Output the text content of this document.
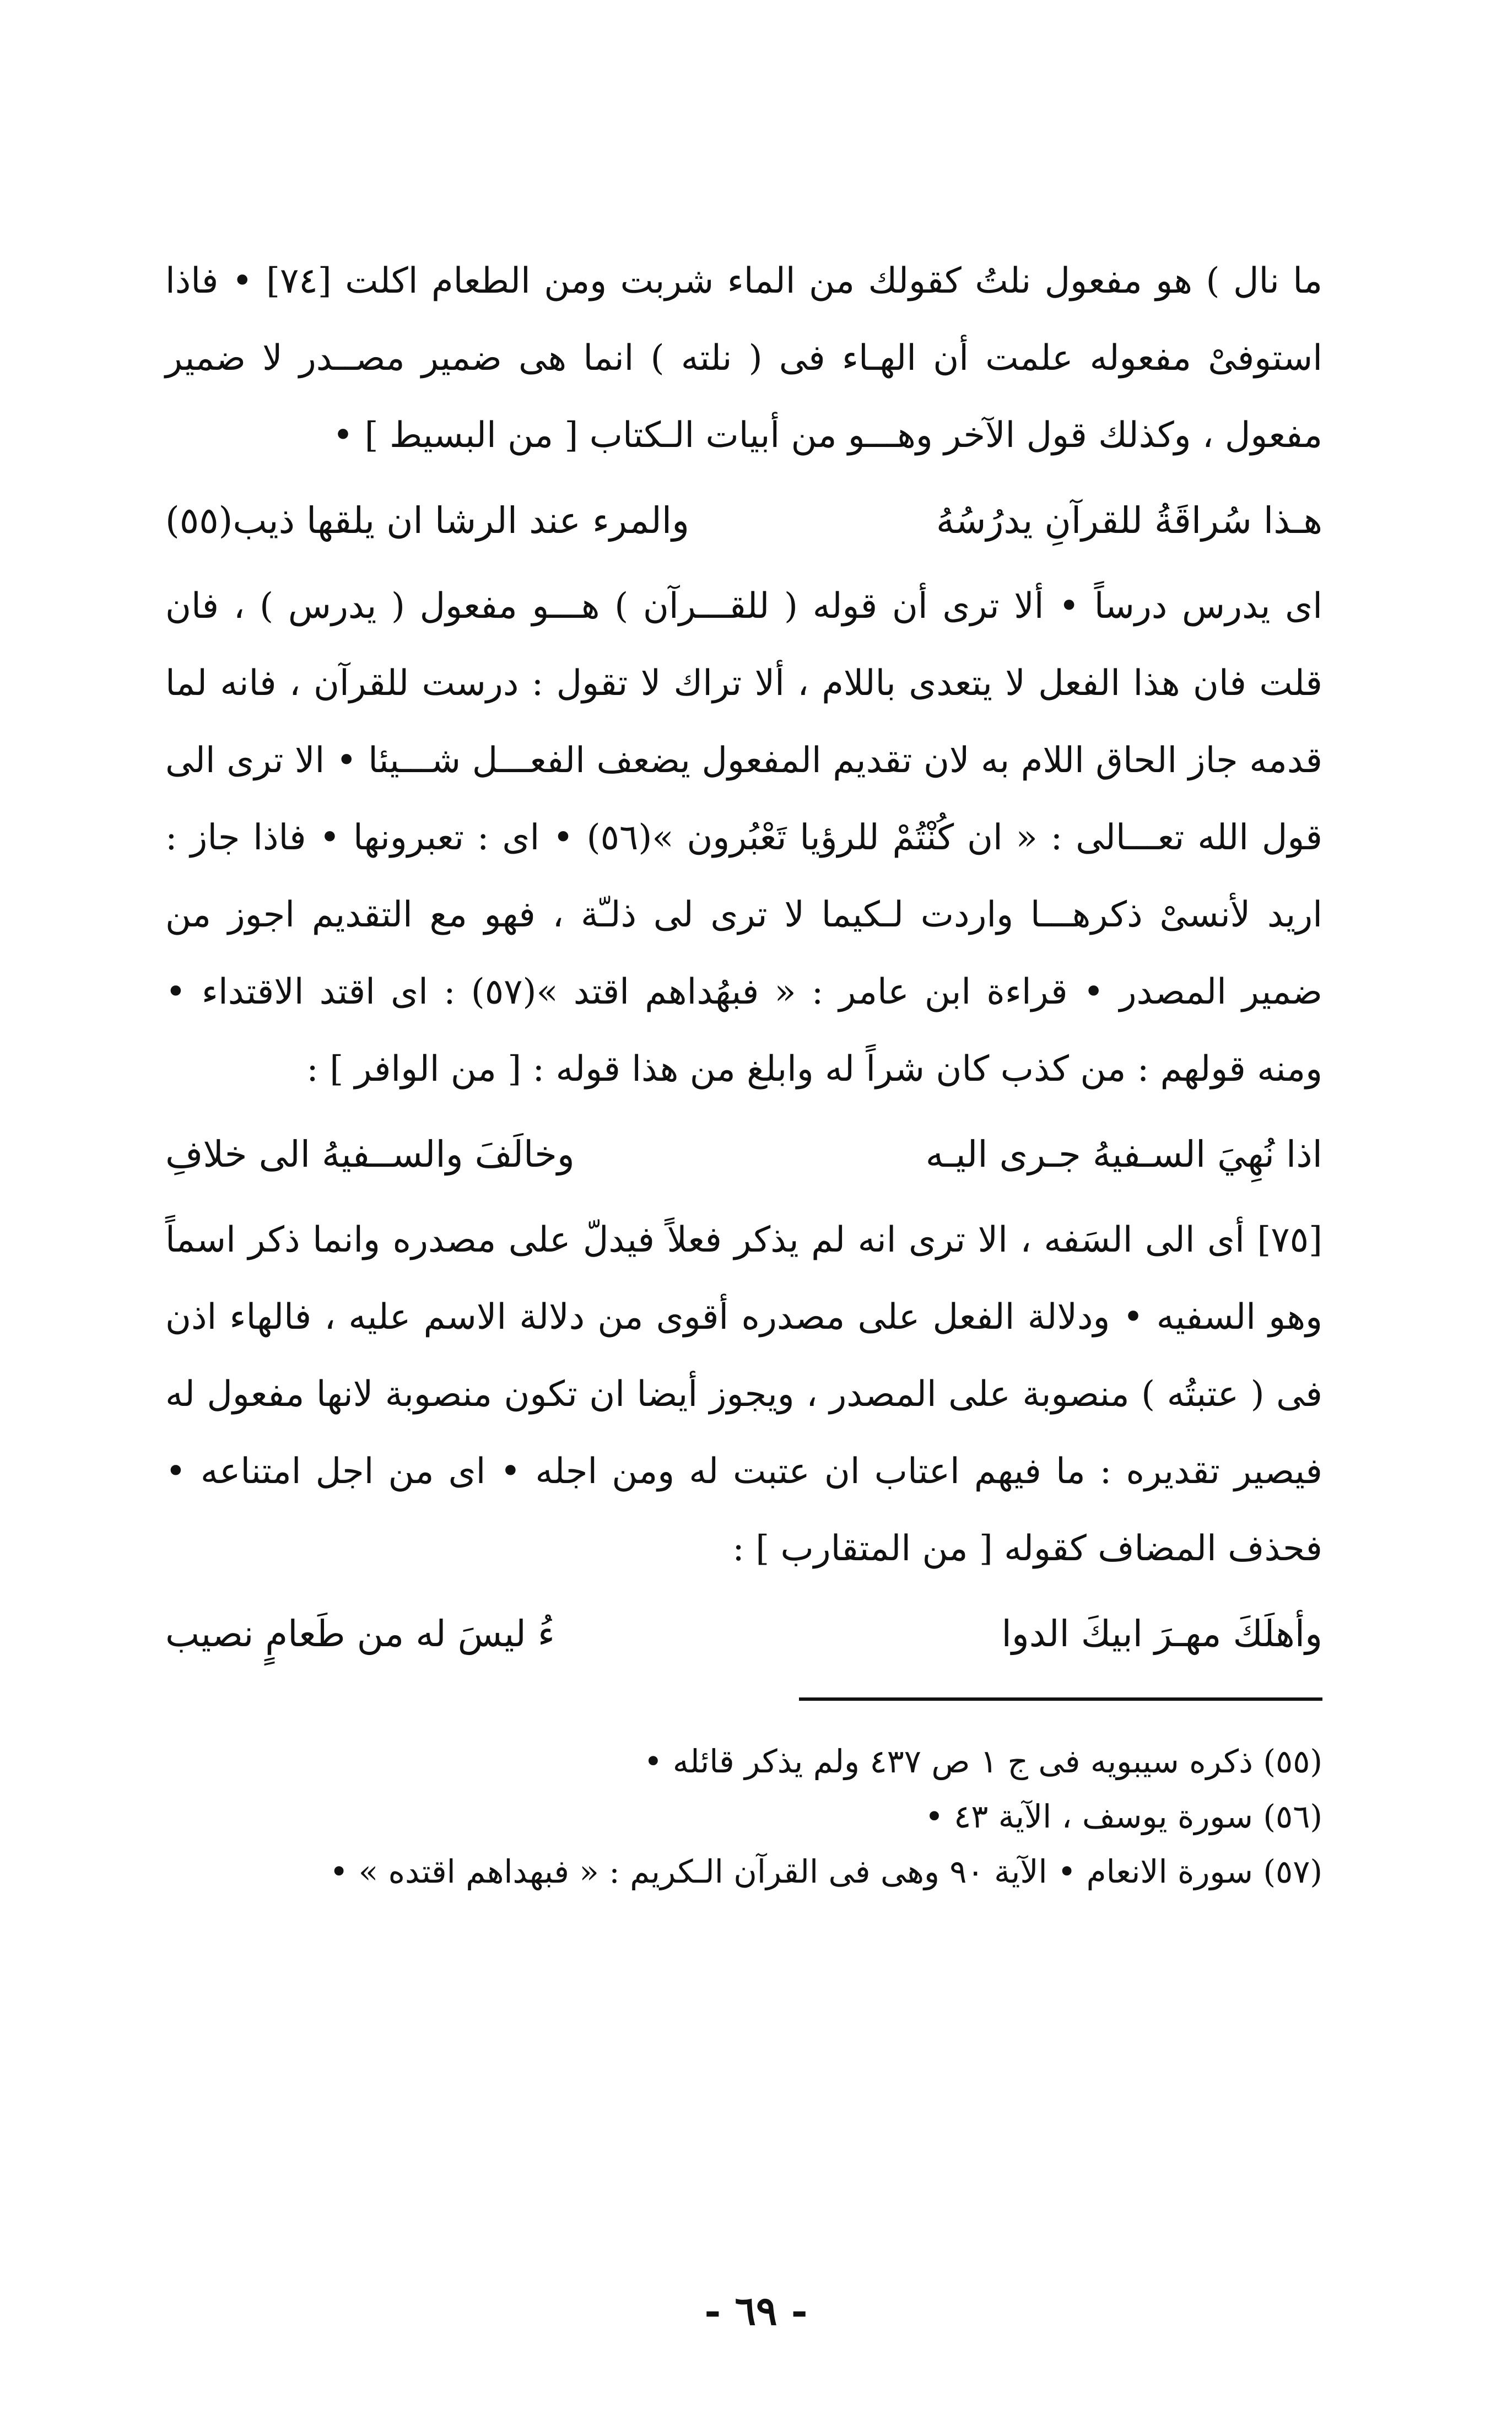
ما نال ) هو مفعول نلتُ كقولك من الماء شربت ومن الطعام اكلت [٧٤] • فاذا استوفىْ مفعوله علمت أن الهـاء فى ( نلته ) انما هى ضمير مصــدر لا ضمير مفعول ، وكذلك قول الآخر وهـــو من أبيات الـكتاب [ من البسيط ] •

هـذا سُراقَةُ للقرآنِ يدرُسُهُ
والمرء عند الرشا ان يلقها ذيب(٥٥)

اى يدرس درساً • ألا ترى أن قوله ( للقـــرآن ) هـــو مفعول ( يدرس ) ، فان قلت فان هذا الفعل لا يتعدى باللام ، ألا تراك لا تقول : درست للقرآن ، فانه لما قدمه جاز الحاق اللام به لان تقديم المفعول يضعف الفعـــل شـــيئا • الا ترى الى قول الله تعـــالى : « ان كُنْتُمْ للرؤيا تَعْبُرون »(٥٦) • اى : تعبرونها • فاذا جاز : اريد لأنسىْ ذكرهـــا واردت لـكيما لا ترى لى ذلـّة ، فهو مع التقديم اجوز من ضمير المصدر • قراءة ابن عامر : « فبهُداهم اقتد »(٥٧) : اى اقتد الاقتداء • ومنه قولهم : من كذب كان شراً له وابلغ من هذا قوله : [ من الوافر ] :

اذا نُهِيَ السـفيهُ جـرى اليـه
وخالَفَ والســفيهُ الى خلافِ

[٧٥] أى الى السَفه ، الا ترى انه لم يذكر فعلاً فيدلّ على مصدره وانما ذكر اسماً وهو السفيه • ودلالة الفعل على مصدره أقوى من دلالة الاسم عليه ، فالهاء اذن فى ( عتبتُه ) منصوبة على المصدر ، ويجوز أيضا ان تكون منصوبة لانها مفعول له فيصير تقديره : ما فيهم اعتاب ان عتبت له ومن اجله • اى من اجل امتناعه • فحذف المضاف كقوله [ من المتقارب ] :

وأهلَكَ مهـرَ ابيكَ الدوا
ءُ ليسَ له من طَعامٍ نصيب

(٥٥) ذكره سيبويه فى ج ١ ص ٤٣٧ ولم يذكر قائله •

(٥٦) سورة يوسف ، الآية ٤٣ •

(٥٧) سورة الانعام • الآية ٩٠ وهى فى القرآن الـكريم : « فبهداهم اقتده » •

- ٦٩ -
